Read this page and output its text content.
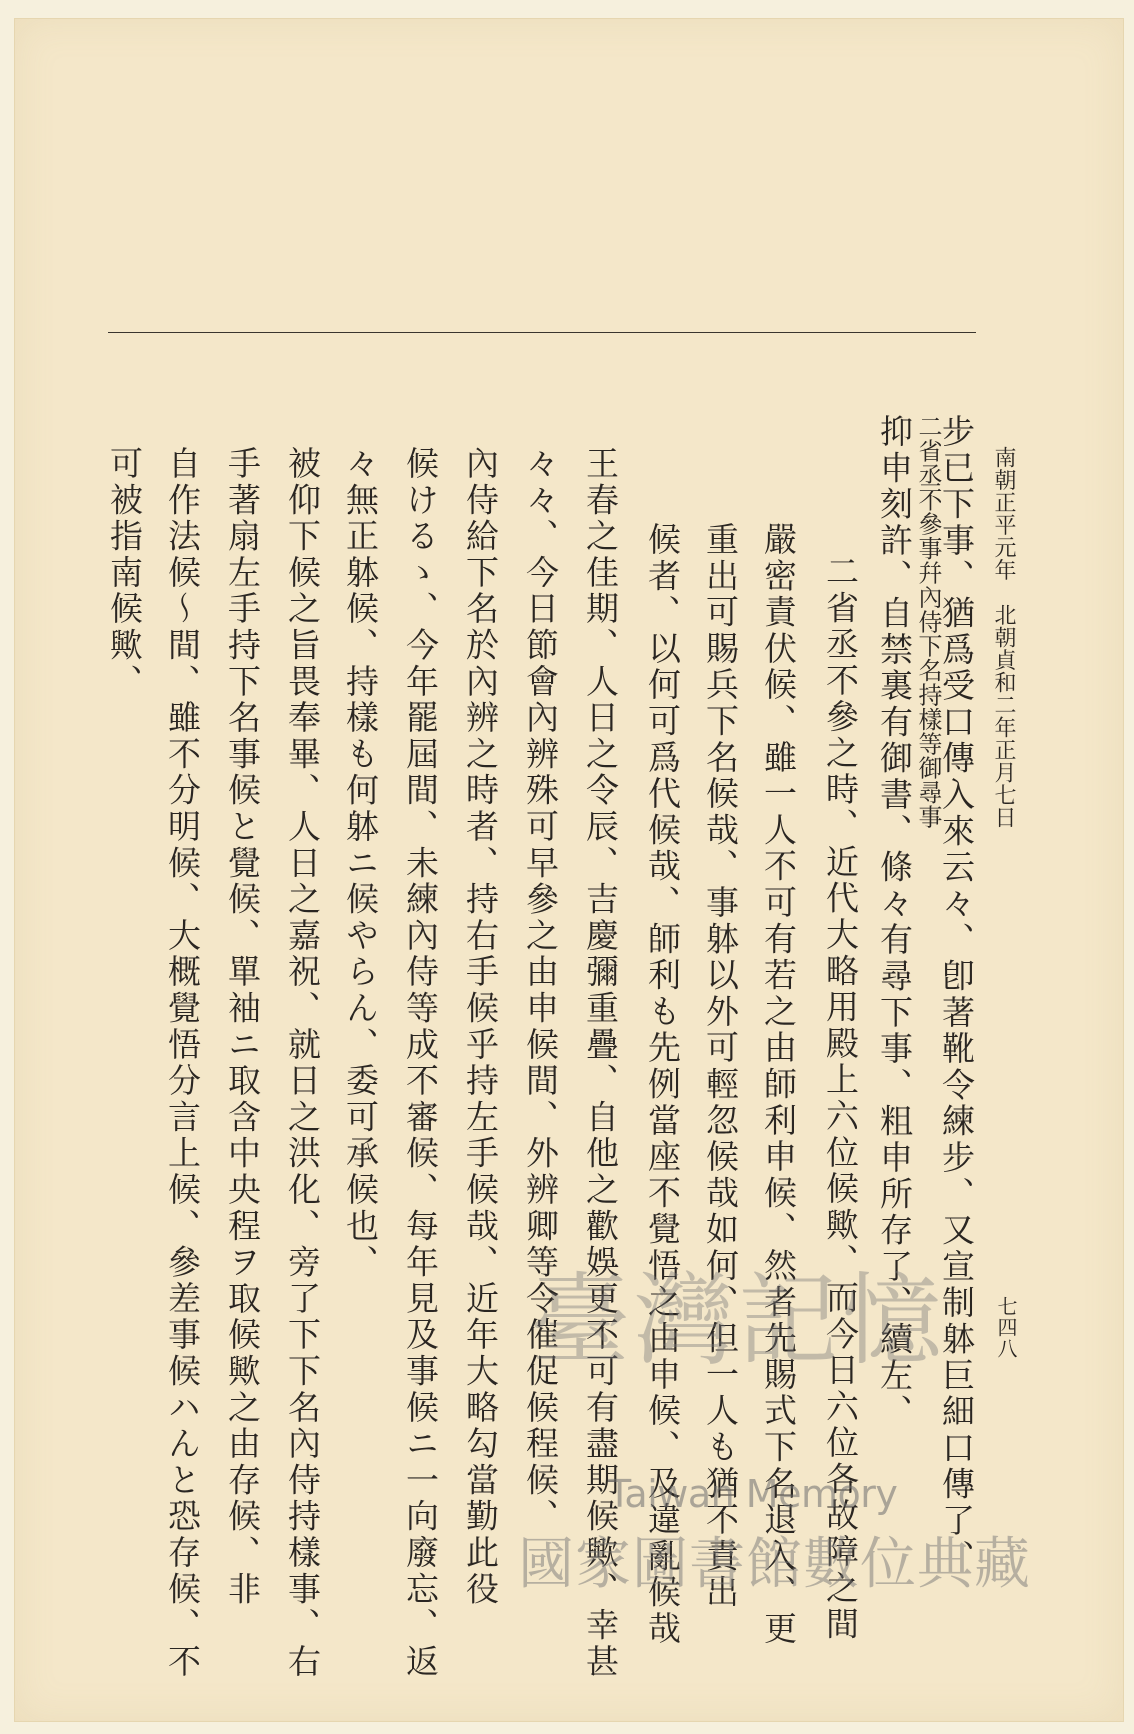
南朝正平元年　北朝貞和二年正月七日
七四八
步已下事、猶爲受口傳入來云々、卽著靴令練步、又宣制躰巨細口傳了、
二省丞不參事幷內侍下名持樣等御尋事
抑申刻許、自禁裏有御書、條々有尋下事、粗申所存了、續左、
二省丞不參之時、近代大略用殿上六位候歟、而今日六位各故障之間
嚴密責伏候、雖一人不可有若之由師利申候、然者先賜式下名退入、更
重出可賜兵下名候哉、事躰以外可輕忽候哉如何、但一人も猶不責出
候者、以何可爲代候哉、師利も先例當座不覺悟之由申候、及違亂候哉
王春之佳期、人日之令辰、吉慶彌重疊、自他之歡娛更不可有盡期候歟、幸甚
々々、今日節會內辨殊可早參之由申候間、外辨卿等令催促候程候、
內侍給下名於內辨之時者、持右手候乎持左手候哉、近年大略勾當勤此役
候けるゝ、今年罷屆間、未練內侍等成不審候、每年見及事候ニ一向廢忘、返
々無正躰候、持樣も何躰ニ候やらん、委可承候也、
被仰下候之旨畏奉畢、人日之嘉祝、就日之洪化、旁了下下名內侍持樣事、右
手著扇左手持下名事候と覺候、單袖ニ取含中央程ヲ取候歟之由存候、非
自作法候〜間、雖不分明候、大概覺悟分言上候、參差事候ハんと恐存候、不
可被指南候歟、
臺灣記憶
Taiwan Memory
國家圖書館數位典藏
